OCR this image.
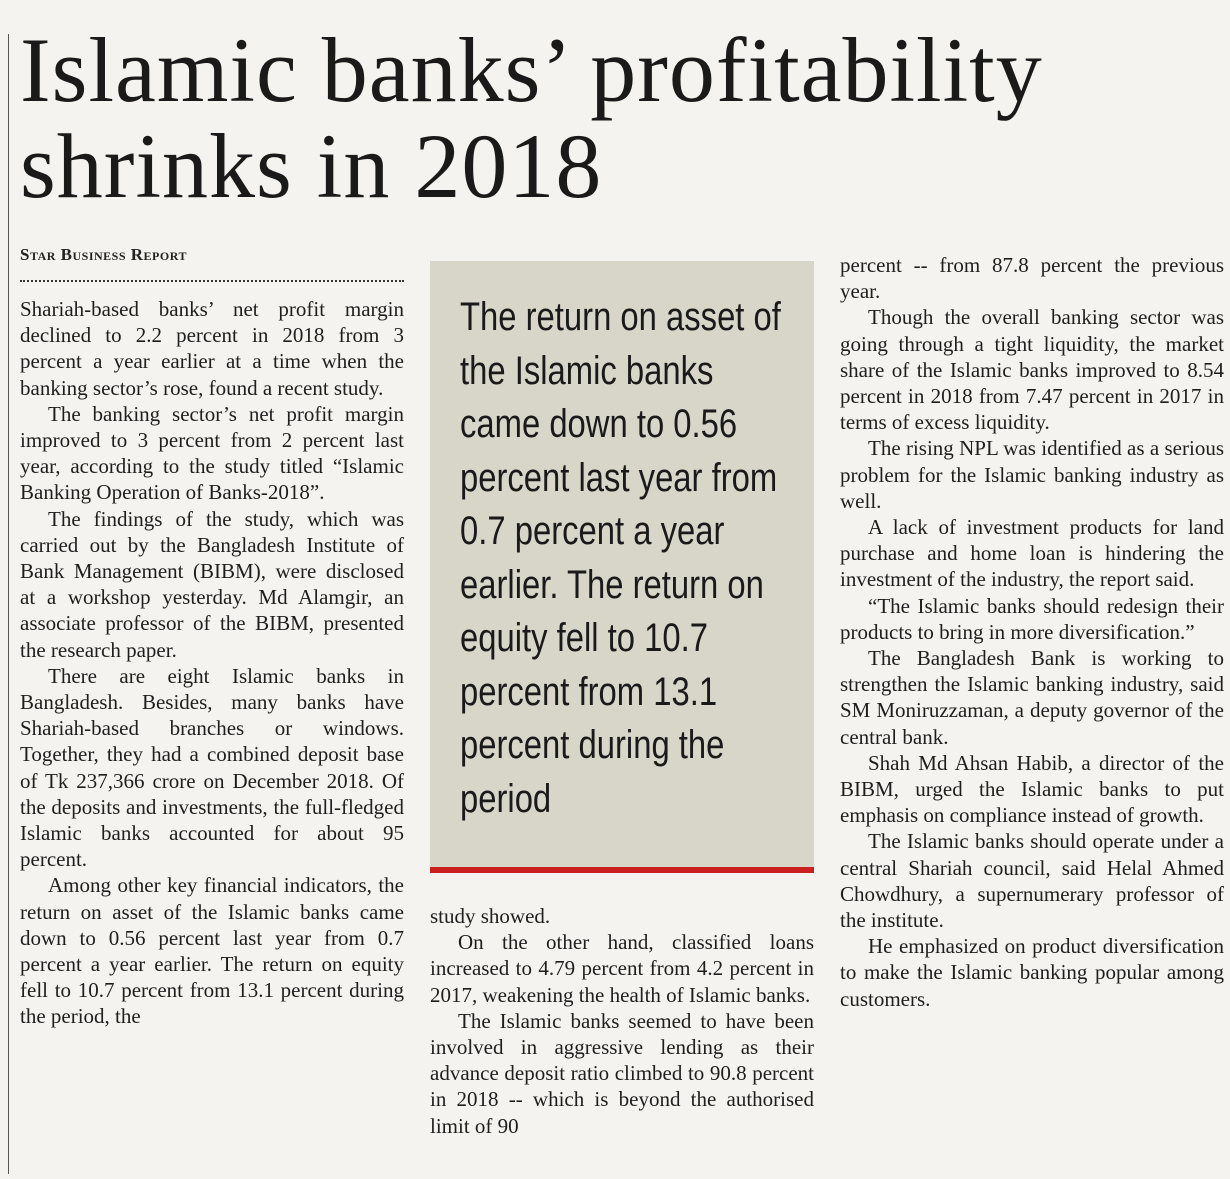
Islamic banks’ profitability
shrinks in 2018
Star Business Report

Shariah-based banks’ net profit margin declined to 2.2 percent in 2018 from 3 percent a year earlier at a time when the banking sector’s rose, found a recent study.

The banking sector’s net profit margin improved to 3 percent from 2 percent last year, according to the study titled “Islamic Banking Operation of Banks-2018”.

The findings of the study, which was carried out by the Bangladesh Institute of Bank Management (BIBM), were disclosed at a workshop yesterday. Md Alamgir, an associate professor of the BIBM, presented the research paper.

There are eight Islamic banks in Bangladesh. Besides, many banks have Shariah-based branches or windows. Together, they had a combined deposit base of Tk 237,366 crore on December 2018. Of the deposits and investments, the full-fledged Islamic banks accounted for about 95 percent.

Among other key financial indicators, the return on asset of the Islamic banks came down to 0.56 percent last year from 0.7 percent a year earlier. The return on equity fell to 10.7 percent from 13.1 percent during the period, the

The return on asset of the Islamic banks came down to 0.56 percent last year from 0.7 percent a year earlier. The return on equity fell to 10.7 percent from 13.1 percent during the period

study showed.

On the other hand, classified loans increased to 4.79 percent from 4.2 percent in 2017, weakening the health of Islamic banks.

The Islamic banks seemed to have been involved in aggressive lending as their advance deposit ratio climbed to 90.8 percent in 2018 -- which is beyond the authorised limit of 90

percent -- from 87.8 percent the previous year.

Though the overall banking sector was going through a tight liquidity, the market share of the Islamic banks improved to 8.54 percent in 2018 from 7.47 percent in 2017 in terms of excess liquidity.

The rising NPL was identified as a serious problem for the Islamic banking industry as well.

A lack of investment products for land purchase and home loan is hindering the investment of the industry, the report said.

“The Islamic banks should redesign their products to bring in more diversification.”

The Bangladesh Bank is working to strengthen the Islamic banking industry, said SM Moniruzzaman, a deputy governor of the central bank.

Shah Md Ahsan Habib, a director of the BIBM, urged the Islamic banks to put emphasis on compliance instead of growth.

The Islamic banks should operate under a central Shariah council, said Helal Ahmed Chowdhury, a supernumerary professor of the institute.

He emphasized on product diversification to make the Islamic banking popular among customers.
